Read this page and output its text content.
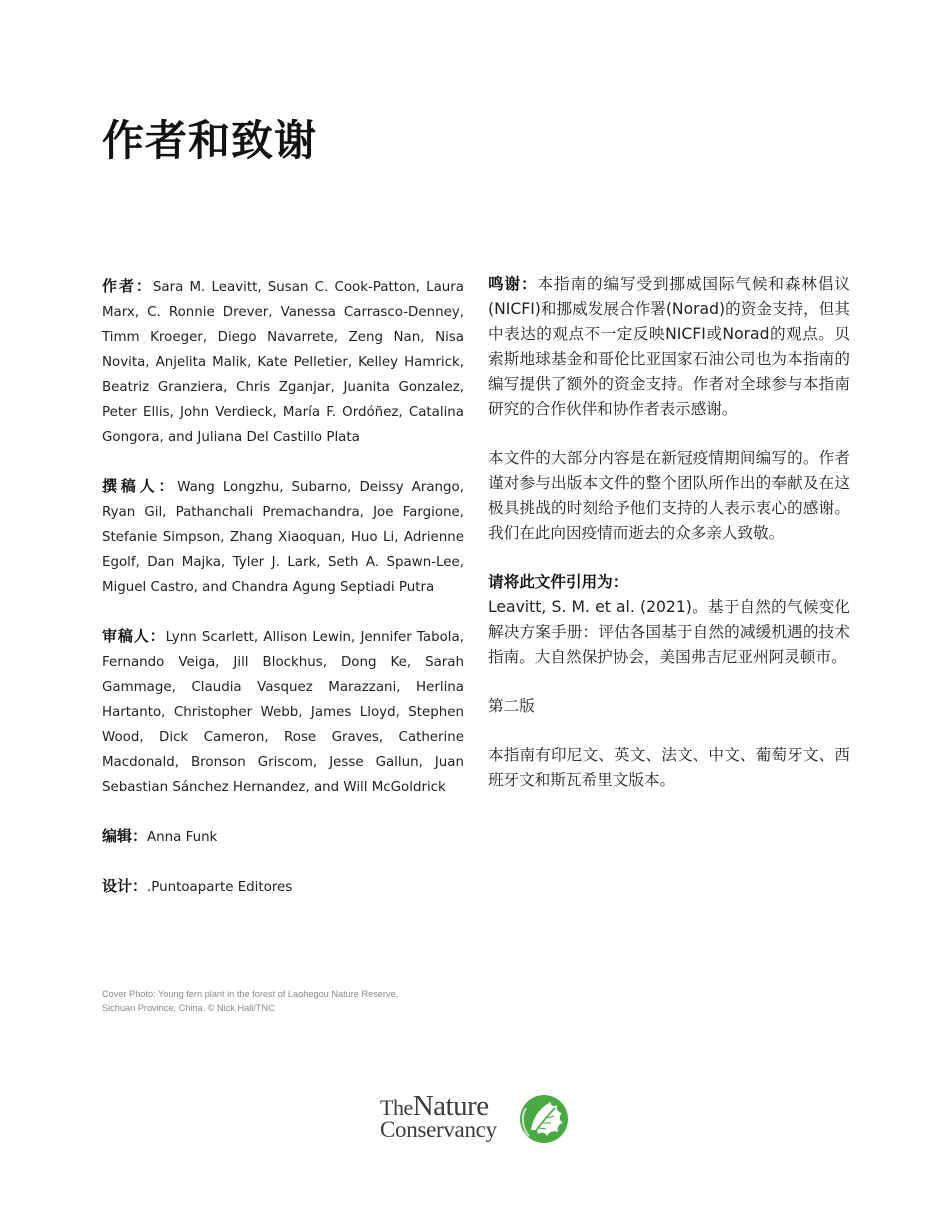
作者和致谢

作者：Sara M. Leavitt, Susan C. Cook-Patton, Laura Marx, C. Ronnie Drever, Vanessa Carrasco-Denney, Timm Kroeger, Diego Navarrete, Zeng Nan, Nisa Novita, Anjelita Malik, Kate Pelletier, Kelley Hamrick, Beatriz Granziera, Chris Zganjar, Juanita Gonzalez, Peter Ellis, John Verdieck, María F. Ordóñez, Catalina Gongora, and Juliana Del Castillo Plata

撰稿人：Wang Longzhu, Subarno, Deissy Arango, Ryan Gil, Pathanchali Premachandra, Joe Fargione, Stefanie Simpson, Zhang Xiaoquan, Huo Li, Adrienne Egolf, Dan Majka, Tyler J. Lark, Seth A. Spawn-Lee, Miguel Castro, and Chandra Agung Septiadi Putra

审稿人：Lynn Scarlett, Allison Lewin, Jennifer Tabola, Fernando Veiga, Jill Blockhus, Dong Ke, Sarah Gammage, Claudia Vasquez Marazzani, Herlina Hartanto, Christopher Webb, James Lloyd, Stephen Wood, Dick Cameron, Rose Graves, Catherine Macdonald, Bronson Griscom, Jesse Gallun, Juan Sebastian Sánchez Hernandez, and Will McGoldrick

编辑：Anna Funk

设计：.Puntoaparte Editores

鸣谢：本指南的编写受到挪威国际气候和森林倡议(NICFI)和挪威发展合作署(Norad)的资金支持，但其中表达的观点不一定反映NICFI或Norad的观点。贝索斯地球基金和哥伦比亚国家石油公司也为本指南的编写提供了额外的资金支持。作者对全球参与本指南研究的合作伙伴和协作者表示感谢。

本文件的大部分内容是在新冠疫情期间编写的。作者谨对参与出版本文件的整个团队所作出的奉献及在这极具挑战的时刻给予他们支持的人表示衷心的感谢。我们在此向因疫情而逝去的众多亲人致敬。

请将此文件引用为：
Leavitt, S. M. et al. (2021)。基于自然的气候变化解决方案手册：评估各国基于自然的减缓机遇的技术指南。大自然保护协会，美国弗吉尼亚州阿灵顿市。

第二版

本指南有印尼文、英文、法文、中文、葡萄牙文、西班牙文和斯瓦希里文版本。

Cover Photo: Young fern plant in the forest of Laohegou Nature Reserve,
Sichuan Province, China. © Nick Hall/TNC
TheNature
Conservancy
